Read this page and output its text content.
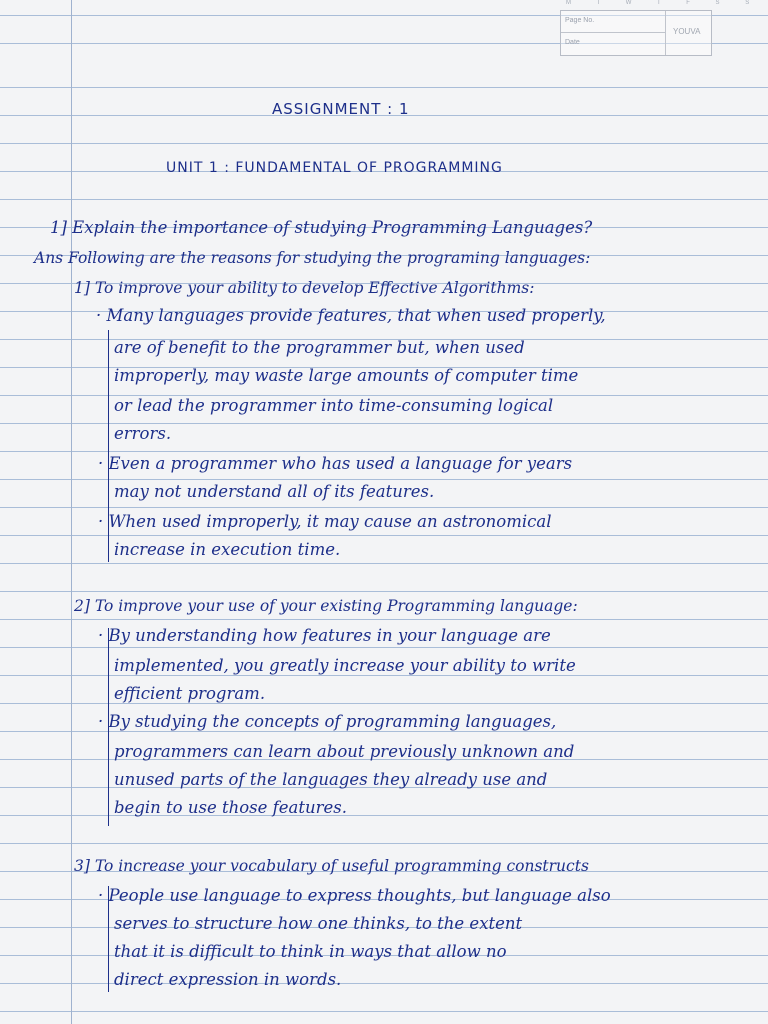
M T W T F S S
Page No.
Date
YOUVA
ASSIGNMENT : 1
UNIT 1 : FUNDAMENTAL OF PROGRAMMING
1] Explain the importance of studying Programming Languages?
Ans Following are the reasons for studying the programing languages:
1] To improve your ability to develop Effective Algorithms:
· Many languages provide features, that when used properly,
are of benefit to the programmer but, when used
improperly, may waste large amounts of computer time
or lead the programmer into time-consuming logical
errors.
· Even a programmer who has used a language for years
may not understand all of its features.
· When used improperly, it may cause an astronomical
increase in execution time.
2] To improve your use of your existing Programming language:
· By understanding how features in your language are
implemented, you greatly increase your ability to write
efficient program.
· By studying the concepts of programming languages,
programmers can learn about previously unknown and
unused parts of the languages they already use and
begin to use those features.
3] To increase your vocabulary of useful programming constructs
· People use language to express thoughts, but language also
serves to structure how one thinks, to the extent
that it is difficult to think in ways that allow no
direct expression in words.
